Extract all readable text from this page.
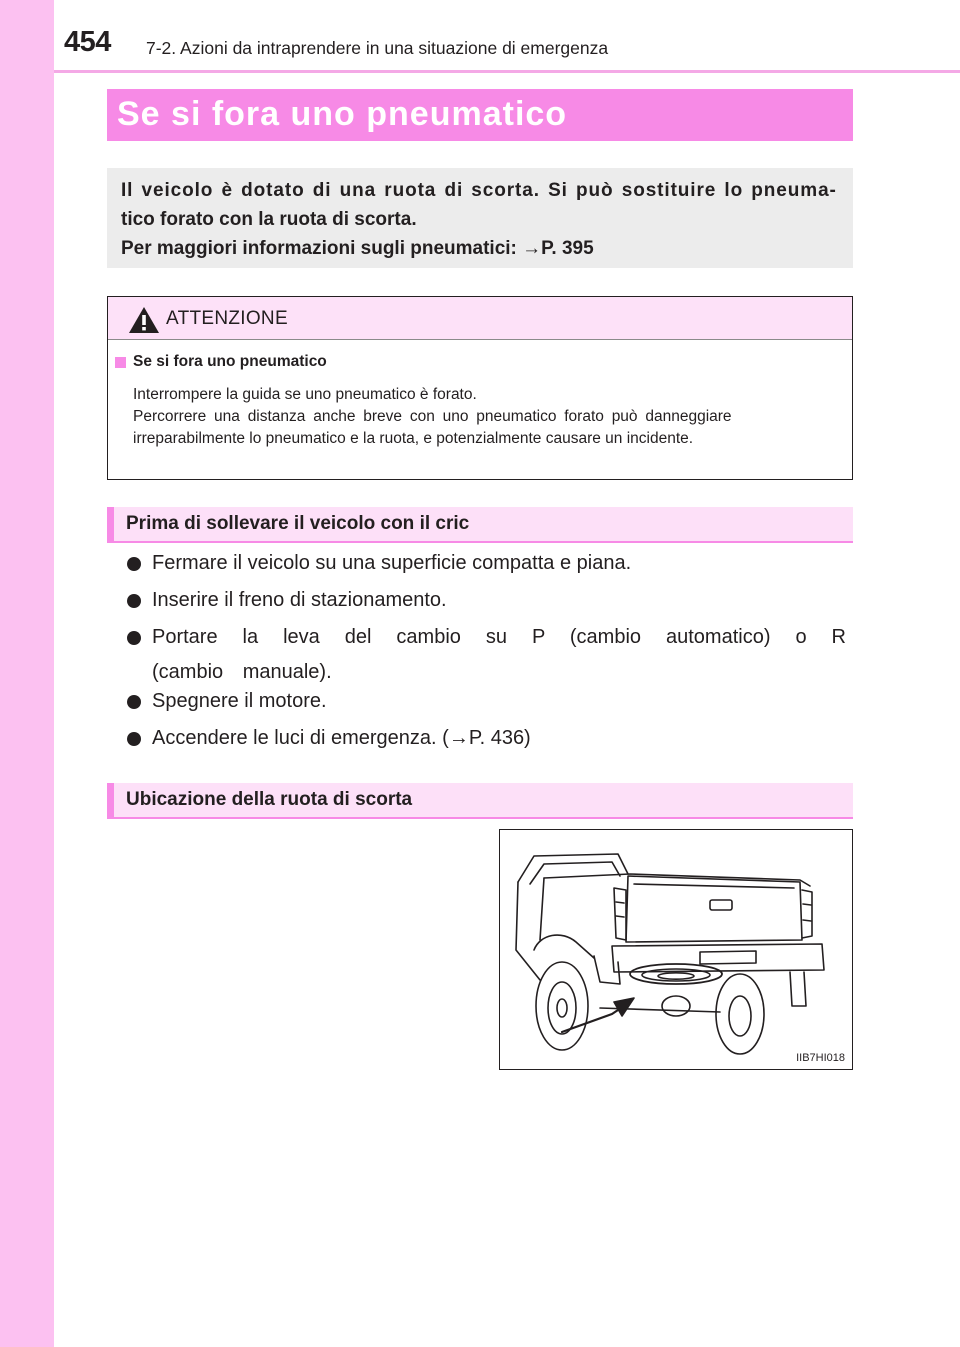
454 7-2. Azioni da intraprendere in una situazione di emergenza
Se si fora uno pneumatico

Il veicolo è dotato di una ruota di scorta. Si può sostituire lo pneuma-

tico forato con la ruota di scorta.

Per maggiori informazioni sugli pneumatici: →P. 395

ATTENZIONE
Se si fora uno pneumatico
Interrompere la guida se uno pneumatico è forato.
Percorrere una distanza anche breve con uno pneumatico forato può danneggiare
irreparabilmente lo pneumatico e la ruota, e potenzialmente causare un incidente.
Prima di sollevare il veicolo con il cric
Fermare il veicolo su una superficie compatta e piana.
Inserire il freno di stazionamento.
Portare la leva del cambio su P (cambio automatico) o R (cambio manuale).
Spegnere il motore.
Accendere le luci di emergenza. (→P. 436)
Ubicazione della ruota di scorta
IIB7HI018
